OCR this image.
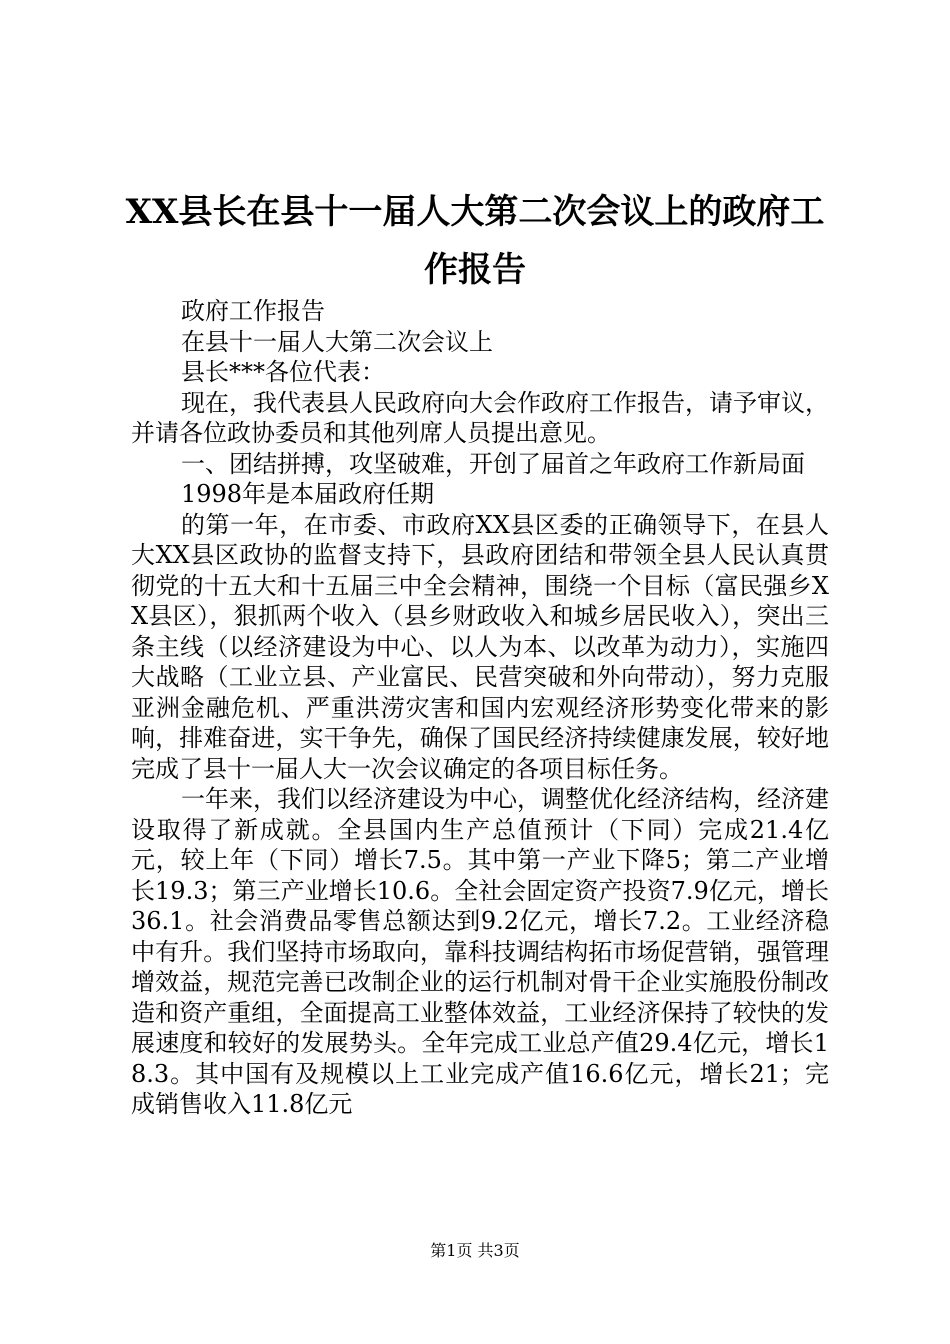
XX县长在县十一届人大第二次会议上的政府工作报告

政府工作报告

在县十一届人大第二次会议上

县长***各位代表：

现在，我代表县人民政府向大会作政府工作报告，请予审议，并请各位政协委员和其他列席人员提出意见。

一、团结拼搏，攻坚破难，开创了届首之年政府工作新局面

1998年是本届政府任期

的第一年，在市委、市政府XX县区委的正确领导下，在县人大XX县区政协的监督支持下，县政府团结和带领全县人民认真贯彻党的十五大和十五届三中全会精神，围绕一个目标（富民强乡XX县区），狠抓两个收入（县乡财政收入和城乡居民收入），突出三条主线（以经济建设为中心、以人为本、以改革为动力），实施四大战略（工业立县、产业富民、民营突破和外向带动），努力克服亚洲金融危机、严重洪涝灾害和国内宏观经济形势变化带来的影响，排难奋进，实干争先，确保了国民经济持续健康发展，较好地完成了县十一届人大一次会议确定的各项目标任务。

一年来，我们以经济建设为中心，调整优化经济结构，经济建设取得了新成就。全县国内生产总值预计（下同）完成21.4亿元，较上年（下同）增长7.5。其中第一产业下降5；第二产业增长19.3；第三产业增长10.6。全社会固定资产投资7.9亿元，增长36.1。社会消费品零售总额达到9.2亿元，增长7.2。工业经济稳中有升。我们坚持市场取向，靠科技调结构拓市场促营销，强管理增效益，规范完善已改制企业的运行机制对骨干企业实施股份制改造和资产重组，全面提高工业整体效益，工业经济保持了较快的发展速度和较好的发展势头。全年完成工业总产值29.4亿元，增长18.3。其中国有及规模以上工业完成产值16.6亿元，增长21；完成销售收入11.8亿元

第1页 共3页
